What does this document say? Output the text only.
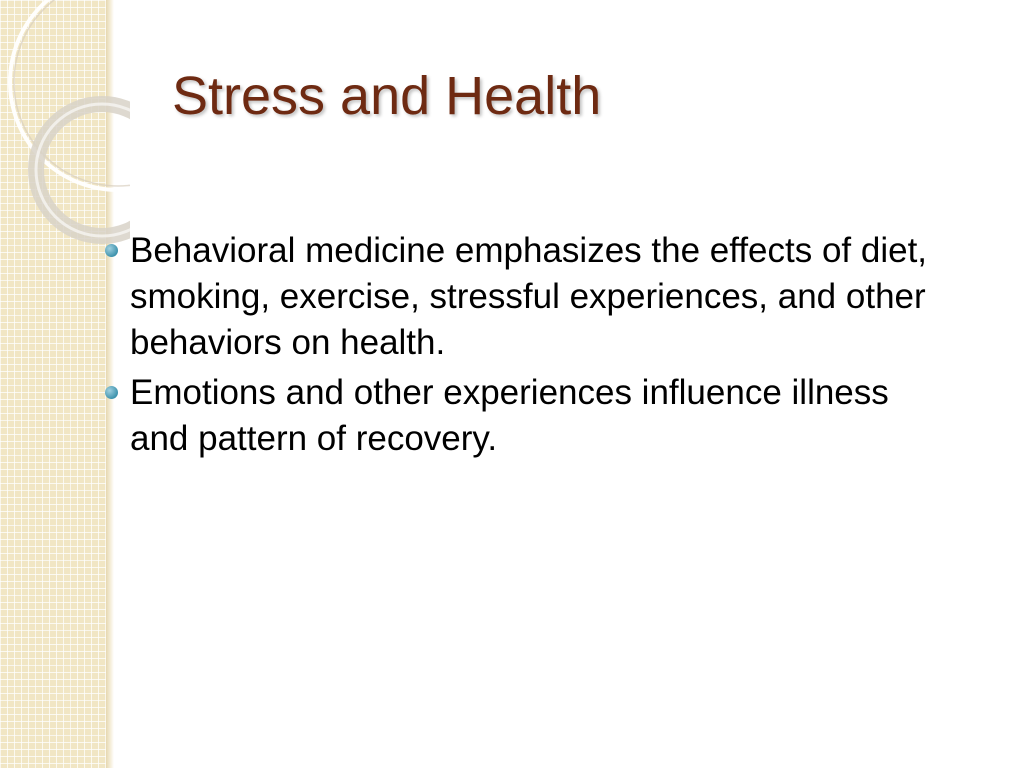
Stress and Health
Behavioral medicine emphasizes the effects of diet, smoking, exercise, stressful experiences, and other behaviors on health.
Emotions and other experiences influence illness and pattern of recovery.
